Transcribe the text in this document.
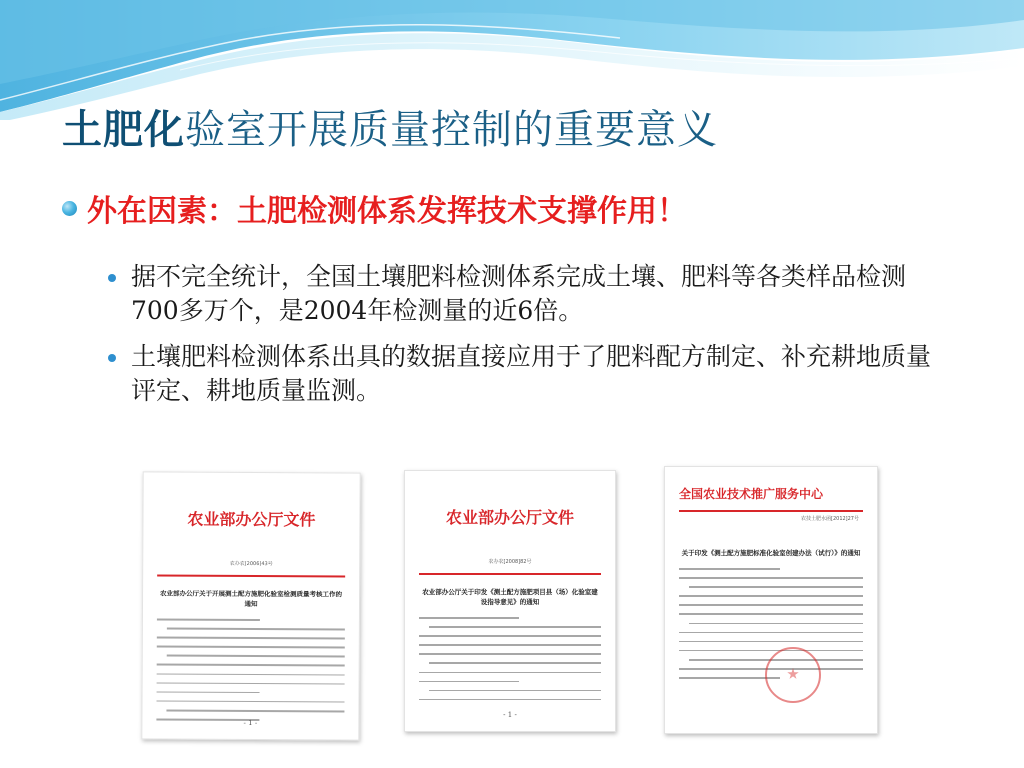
土肥化验室开展质量控制的重要意义
外在因素：土肥检测体系发挥技术支撑作用！
据不完全统计，全国土壤肥料检测体系完成土壤、肥料等各类样品检测700多万个，是2004年检测量的近6倍。
土壤肥料检测体系出具的数据直接应用于了肥料配方制定、补充耕地质量评定、耕地质量监测。
农业部办公厅文件
农办农[2006]43号
农业部办公厅关于开展测土配方施肥化验室检测质量考核工作的通知
- 1 -
农业部办公厅文件
农办农[2008]82号
农业部办公厅关于印发《测土配方施肥项目县（场）化验室建设指导意见》的通知
- 1 -
全国农业技术推广服务中心
农技土肥水函[2012]27号
关于印发《测土配方施肥标准化验室创建办法（试行）》的通知
